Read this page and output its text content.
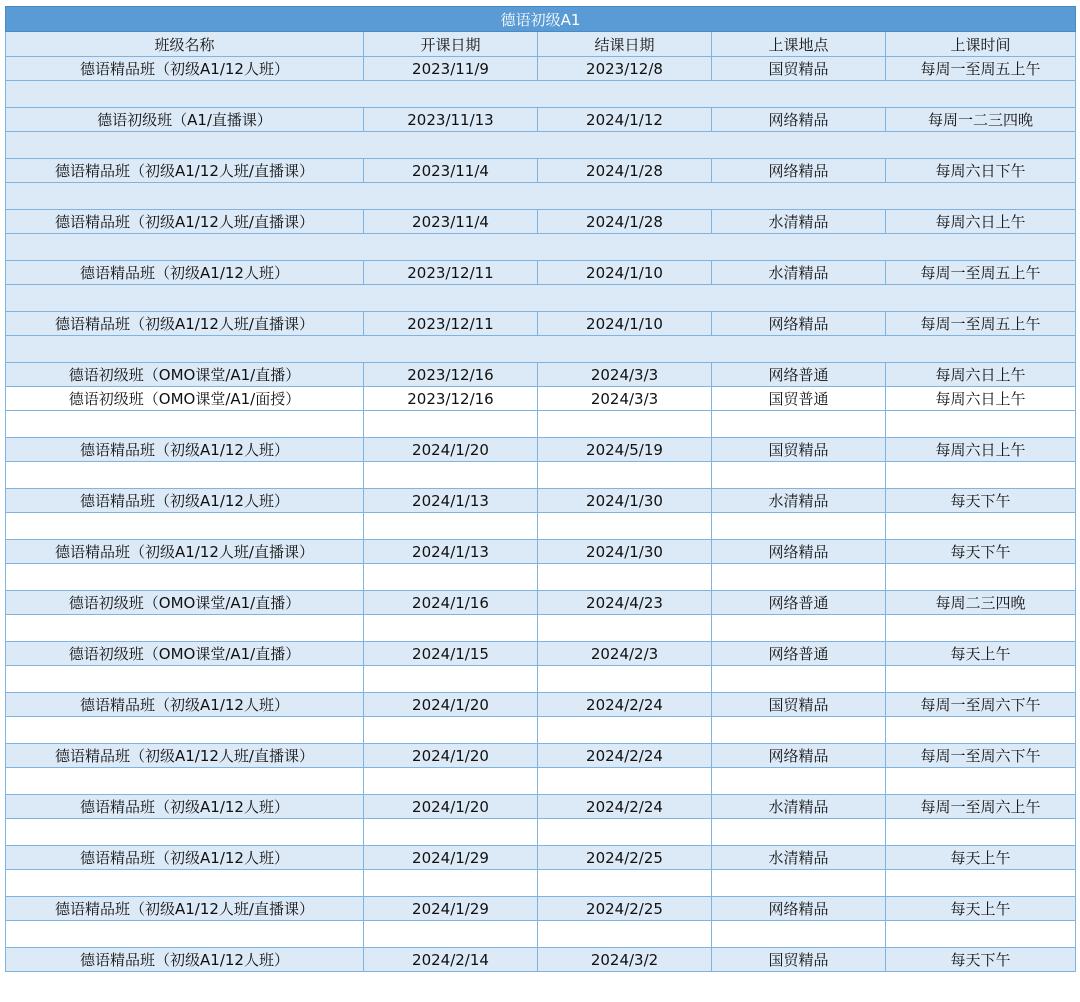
德语初级A1				
班级名称	开课日期	结课日期	上课地点	上课时间
德语精品班（初级A1/12人班）	2023/11/9	2023/12/8	国贸精品	每周一至周五上午

德语初级班（A1/直播课）	2023/11/13	2024/1/12	网络精品	每周一二三四晚

德语精品班（初级A1/12人班/直播课）	2023/11/4	2024/1/28	网络精品	每周六日下午

德语精品班（初级A1/12人班/直播课）	2023/11/4	2024/1/28	水清精品	每周六日上午

德语精品班（初级A1/12人班）	2023/12/11	2024/1/10	水清精品	每周一至周五上午

德语精品班（初级A1/12人班/直播课）	2023/12/11	2024/1/10	网络精品	每周一至周五上午

德语初级班（OMO课堂/A1/直播）	2023/12/16	2024/3/3	网络普通	每周六日上午
德语初级班（OMO课堂/A1/面授）	2023/12/16	2024/3/3	国贸普通	每周六日上午

德语精品班（初级A1/12人班）	2024/1/20	2024/5/19	国贸精品	每周六日上午

德语精品班（初级A1/12人班）	2024/1/13	2024/1/30	水清精品	每天下午

德语精品班（初级A1/12人班/直播课）	2024/1/13	2024/1/30	网络精品	每天下午

德语初级班（OMO课堂/A1/直播）	2024/1/16	2024/4/23	网络普通	每周二三四晚

德语初级班（OMO课堂/A1/直播）	2024/1/15	2024/2/3	网络普通	每天上午

德语精品班（初级A1/12人班）	2024/1/20	2024/2/24	国贸精品	每周一至周六下午

德语精品班（初级A1/12人班/直播课）	2024/1/20	2024/2/24	网络精品	每周一至周六下午

德语精品班（初级A1/12人班）	2024/1/20	2024/2/24	水清精品	每周一至周六上午

德语精品班（初级A1/12人班）	2024/1/29	2024/2/25	水清精品	每天上午

德语精品班（初级A1/12人班/直播课）	2024/1/29	2024/2/25	网络精品	每天上午

德语精品班（初级A1/12人班）	2024/2/14	2024/3/2	国贸精品	每天下午
